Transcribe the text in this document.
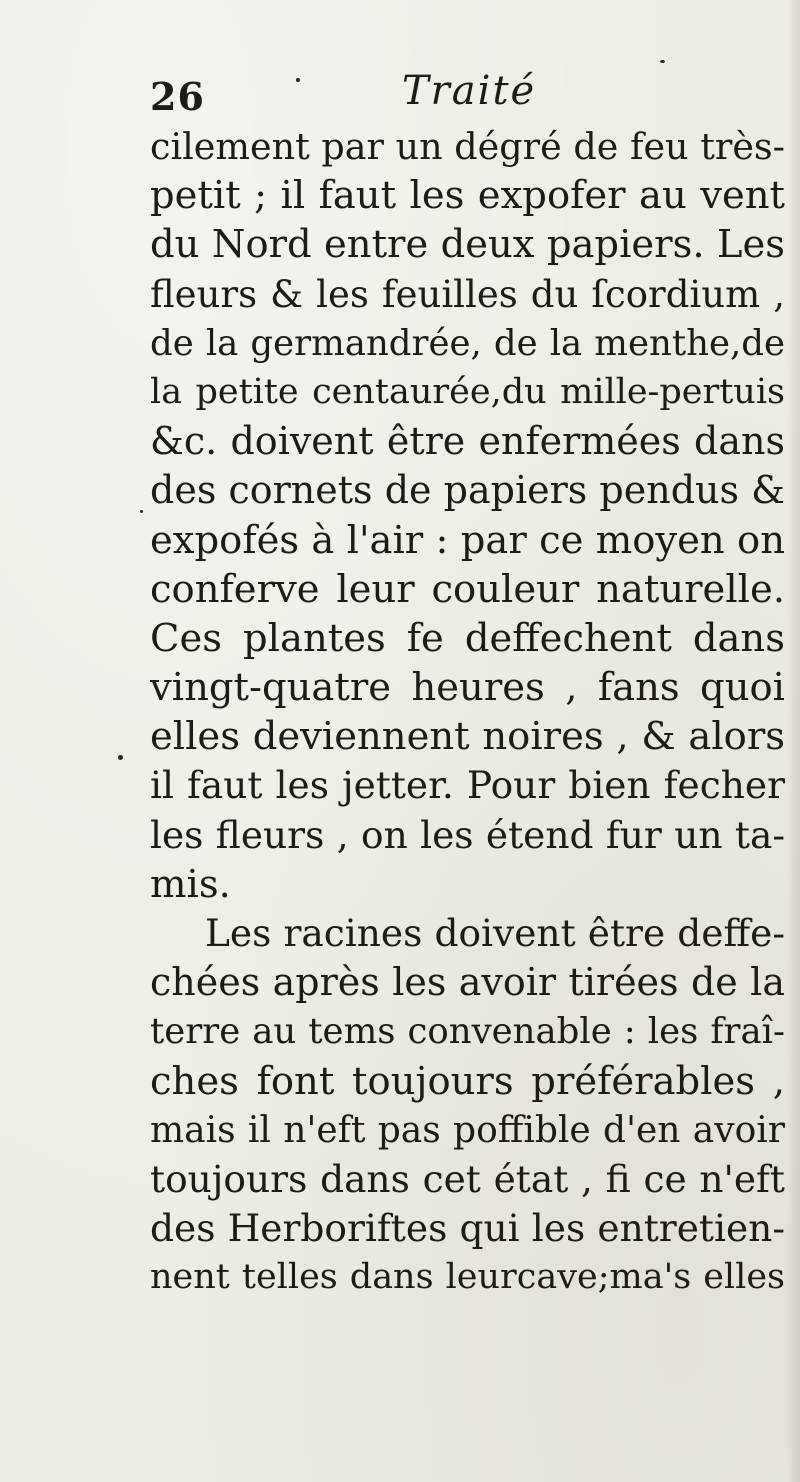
26	Traité
cilement par un dégré de feu très-
petit ; il faut les expofer au vent
du Nord entre deux papiers. Les
fleurs & les feuilles du ſcordium ,
de la germandrée, de la menthe,de
la petite centaurée,du mille-pertuis
&c. doivent être enfermées dans
des cornets de papiers pendus &
expofés à l'air : par ce moyen on
conferve leur couleur naturelle.
Ces plantes fe deffechent dans
vingt-quatre heures , fans quoi
elles deviennent noires , & alors
il faut les jetter. Pour bien fecher
les fleurs , on les étend fur un ta-
mis.
Les racines doivent être deffe-
chées après les avoir tirées de la
terre au tems convenable : les fraî-
ches font toujours préférables ,
mais il n'eft pas poffible d'en avoir
toujours dans cet état , fi ce n'eft
des Herboriftes qui les entretien-
nent telles dans leurcave;ma's elles
